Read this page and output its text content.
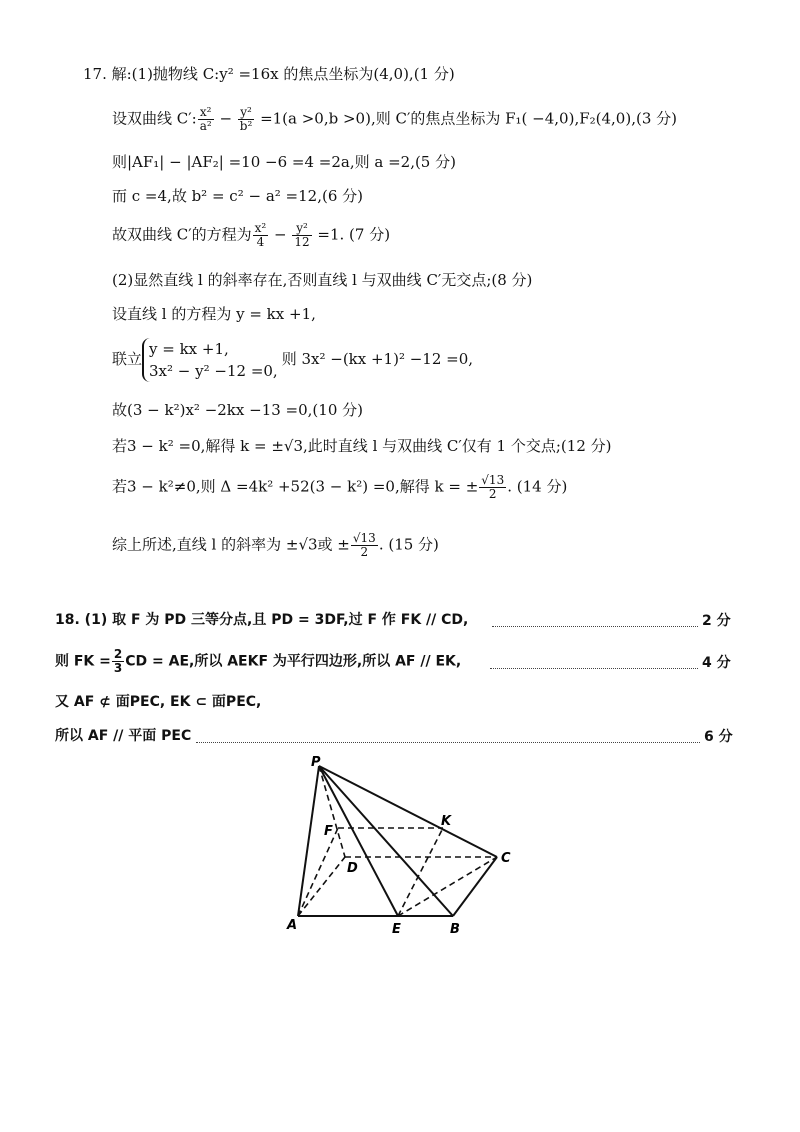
17. 解:(1)抛物线 C:y² =16x 的焦点坐标为(4,0),(1 分)
设双曲线 C′: $\frac{\text{x²}}{\text{a²}} - \frac{\text{y²}}{\text{b²}} =1(a >0,b >0)$,则 C′的焦点坐标为 F₁( −4,0),F₂(4,0),(3 分)
则|AF₁| − |AF₂| =10 −6 =4 =2a,则 a =2,(5 分)
而 c =4,故 b² = c² − a² =12,(6 分)
故双曲线 C′的方程为 $\frac{\text{x²}}{4} - \frac{\text{y²}}{12} =1$. (7 分)
(2)显然直线 l 的斜率存在,否则直线 l 与双曲线 C′无交点;(8 分)
设直线 l 的方程为 y = kx +1,
联立
y = kx +1,
3x² − y² −12 =0,
则 3x² −(kx +1)² −12 =0,
故(3 − k²)x² −2kx −13 =0,(10 分)
若3 − k² =0,解得 k = ±√3,此时直线 l 与双曲线 C′仅有 1 个交点;(12 分)
若3 − k²≠0,则 Δ =4k² +52(3 − k²) =0,解得 k = ± $\frac{√13}{2}$ . (14 分)
综上所述,直线 l 的斜率为 ±√3或 ± $\frac{√13}{2}$ . (15 分)
18. (1) 取 F 为 PD 三等分点,且 PD = 3DF,过 F 作 FK // CD,	2 分
则 FK = $\frac{2}{3}$ CD = AE,所以 AEKF 为平行四边形,所以 AF // EK,	4 分
又 AF ⊄ 面PEC, EK ⊂ 面PEC,
所以 AF // 平面 PEC	6 分
P
F
K
D
C
A	E	B
